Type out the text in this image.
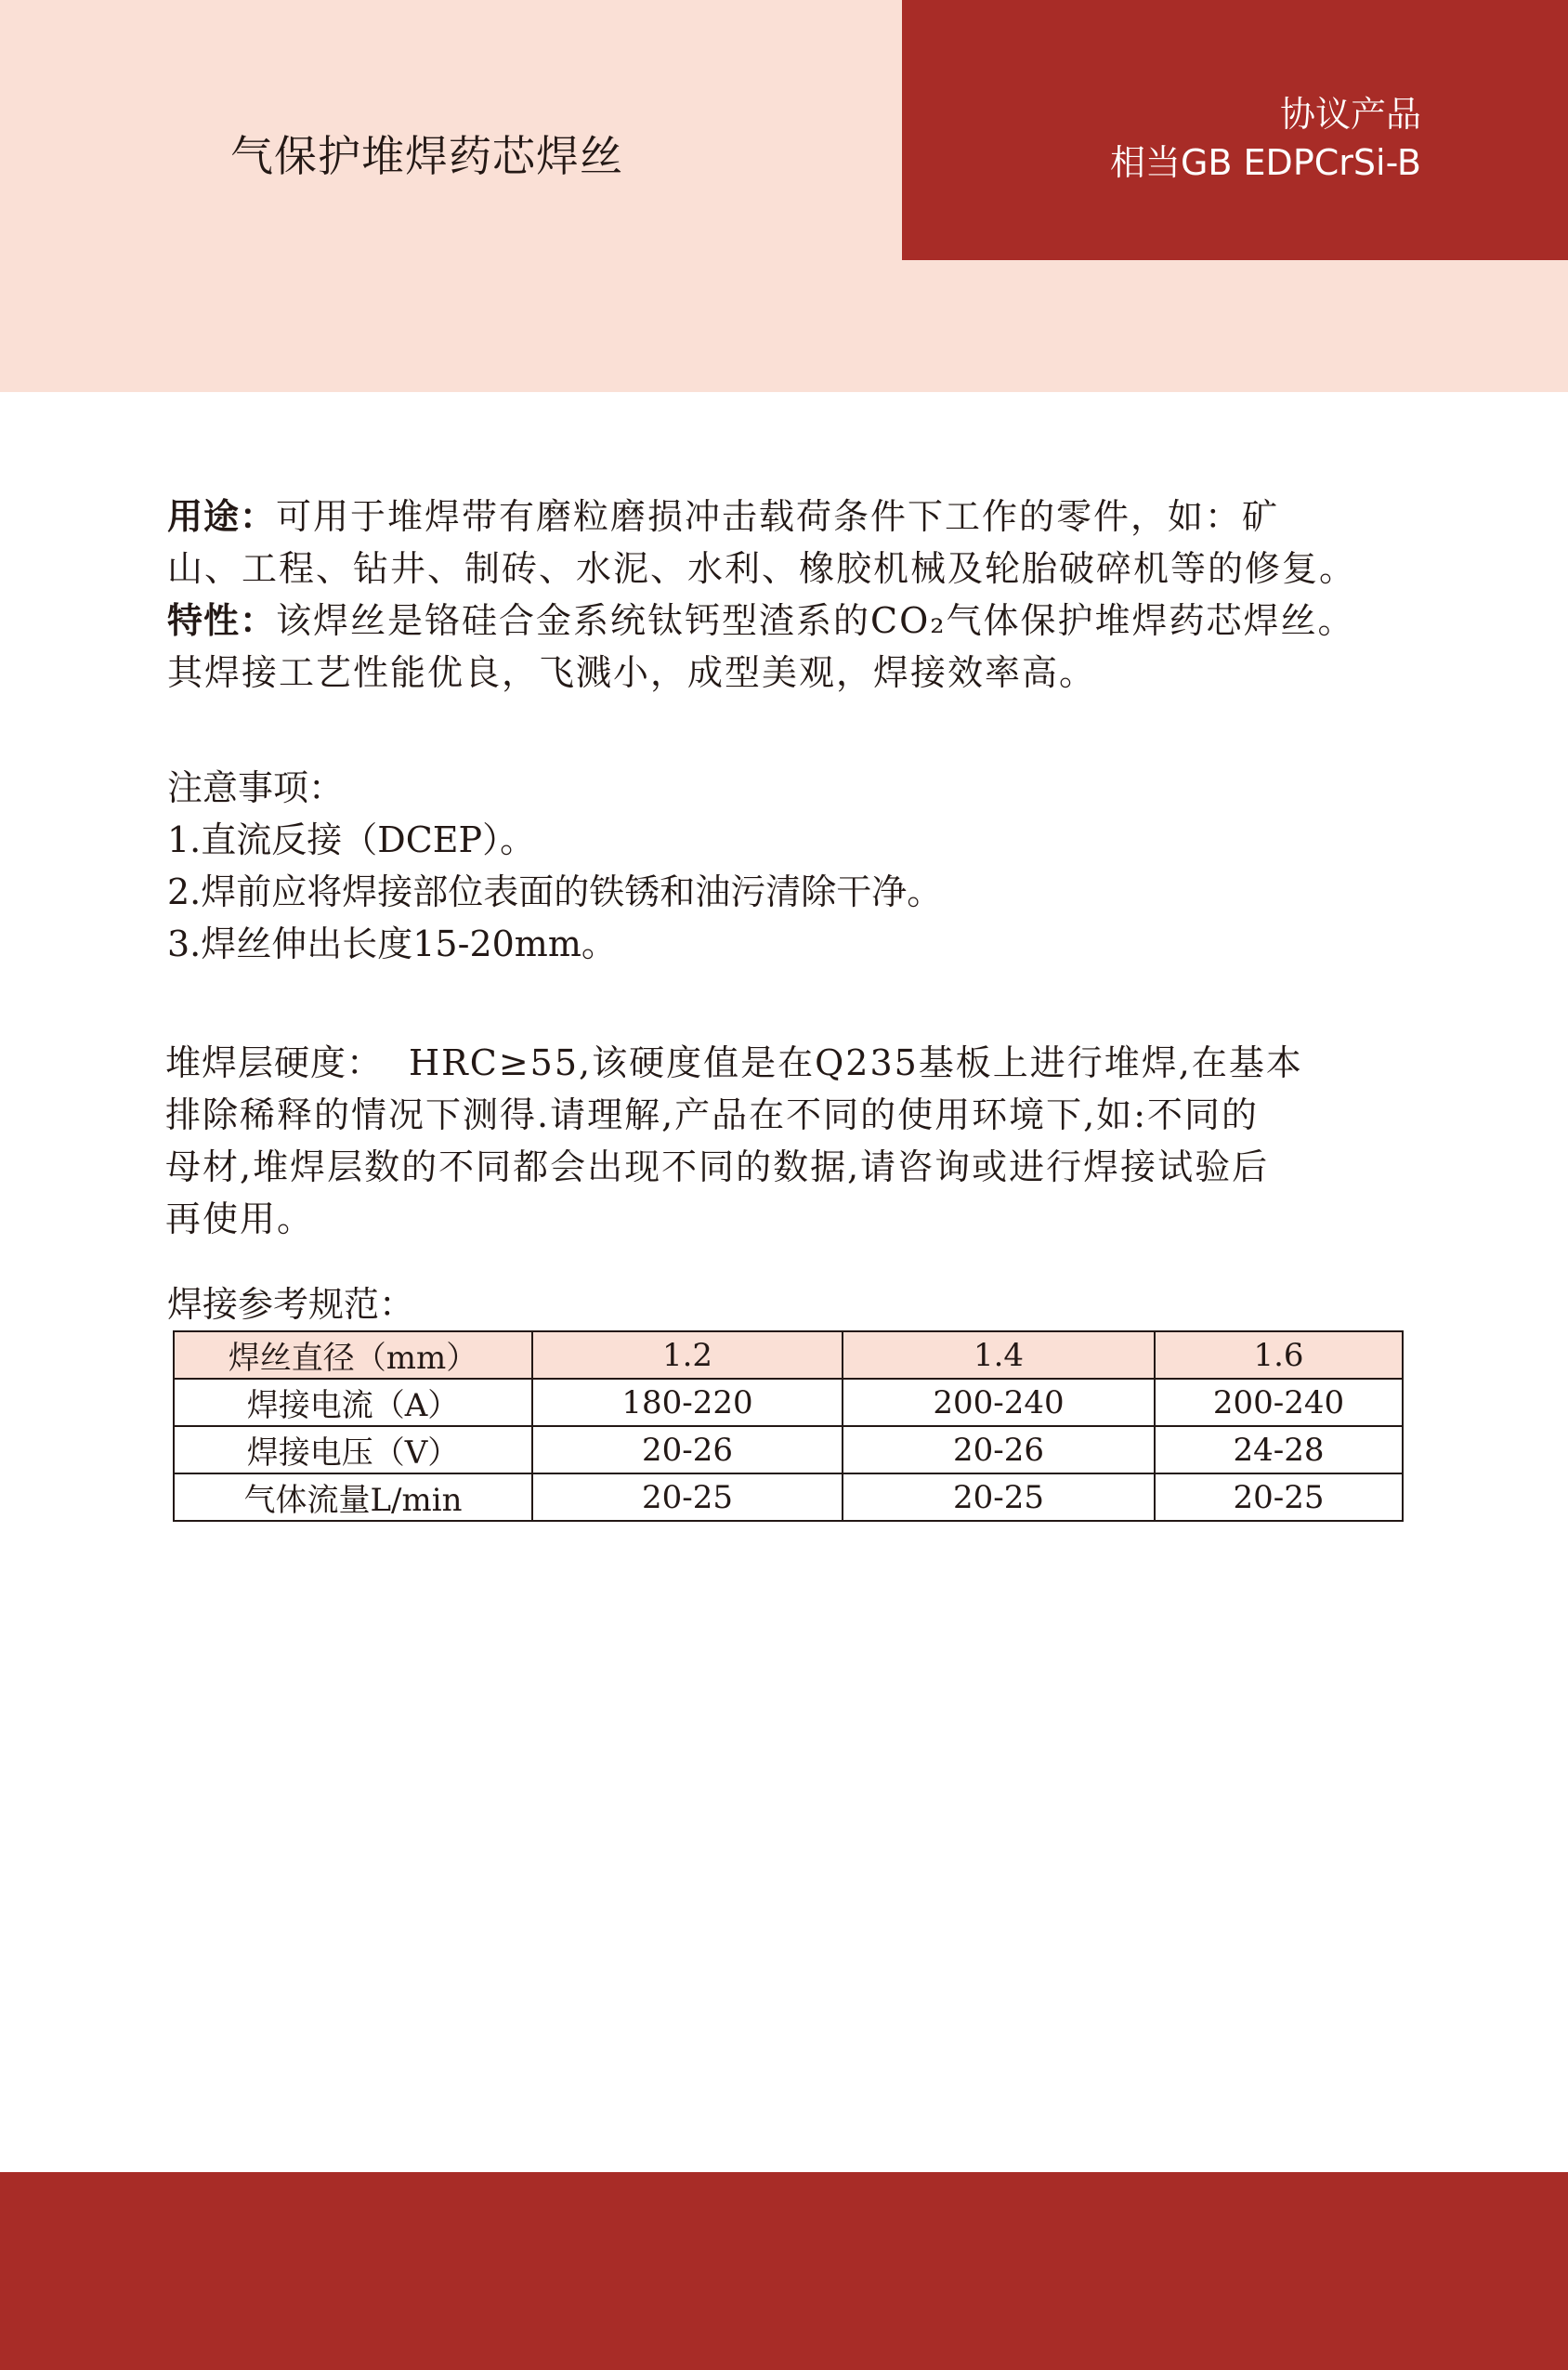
气保护堆焊药芯焊丝
协议产品
相当GB EDPCrSi-B
用途：可用于堆焊带有磨粒磨损冲击载荷条件下工作的零件，如：矿
山、工程、钻井、制砖、水泥、水利、橡胶机械及轮胎破碎机等的修复。
特性：该焊丝是铬硅合金系统钛钙型渣系的CO₂气体保护堆焊药芯焊丝。
其焊接工艺性能优良，飞溅小，成型美观，焊接效率高。
注意事项：
1.直流反接（DCEP）。
2.焊前应将焊接部位表面的铁锈和油污清除干净。
3.焊丝伸出长度15-20mm。
堆焊层硬度： HRC≥55,该硬度值是在Q235基板上进行堆焊,在基本
排除稀释的情况下测得.请理解,产品在不同的使用环境下,如:不同的
母材,堆焊层数的不同都会出现不同的数据,请咨询或进行焊接试验后
再使用。
焊接参考规范：
焊丝直径（mm）	1.2	1.4	1.6
焊接电流（A）	180-220	200-240	200-240
焊接电压（V）	20-26	20-26	24-28
气体流量L/min	20-25	20-25	20-25
